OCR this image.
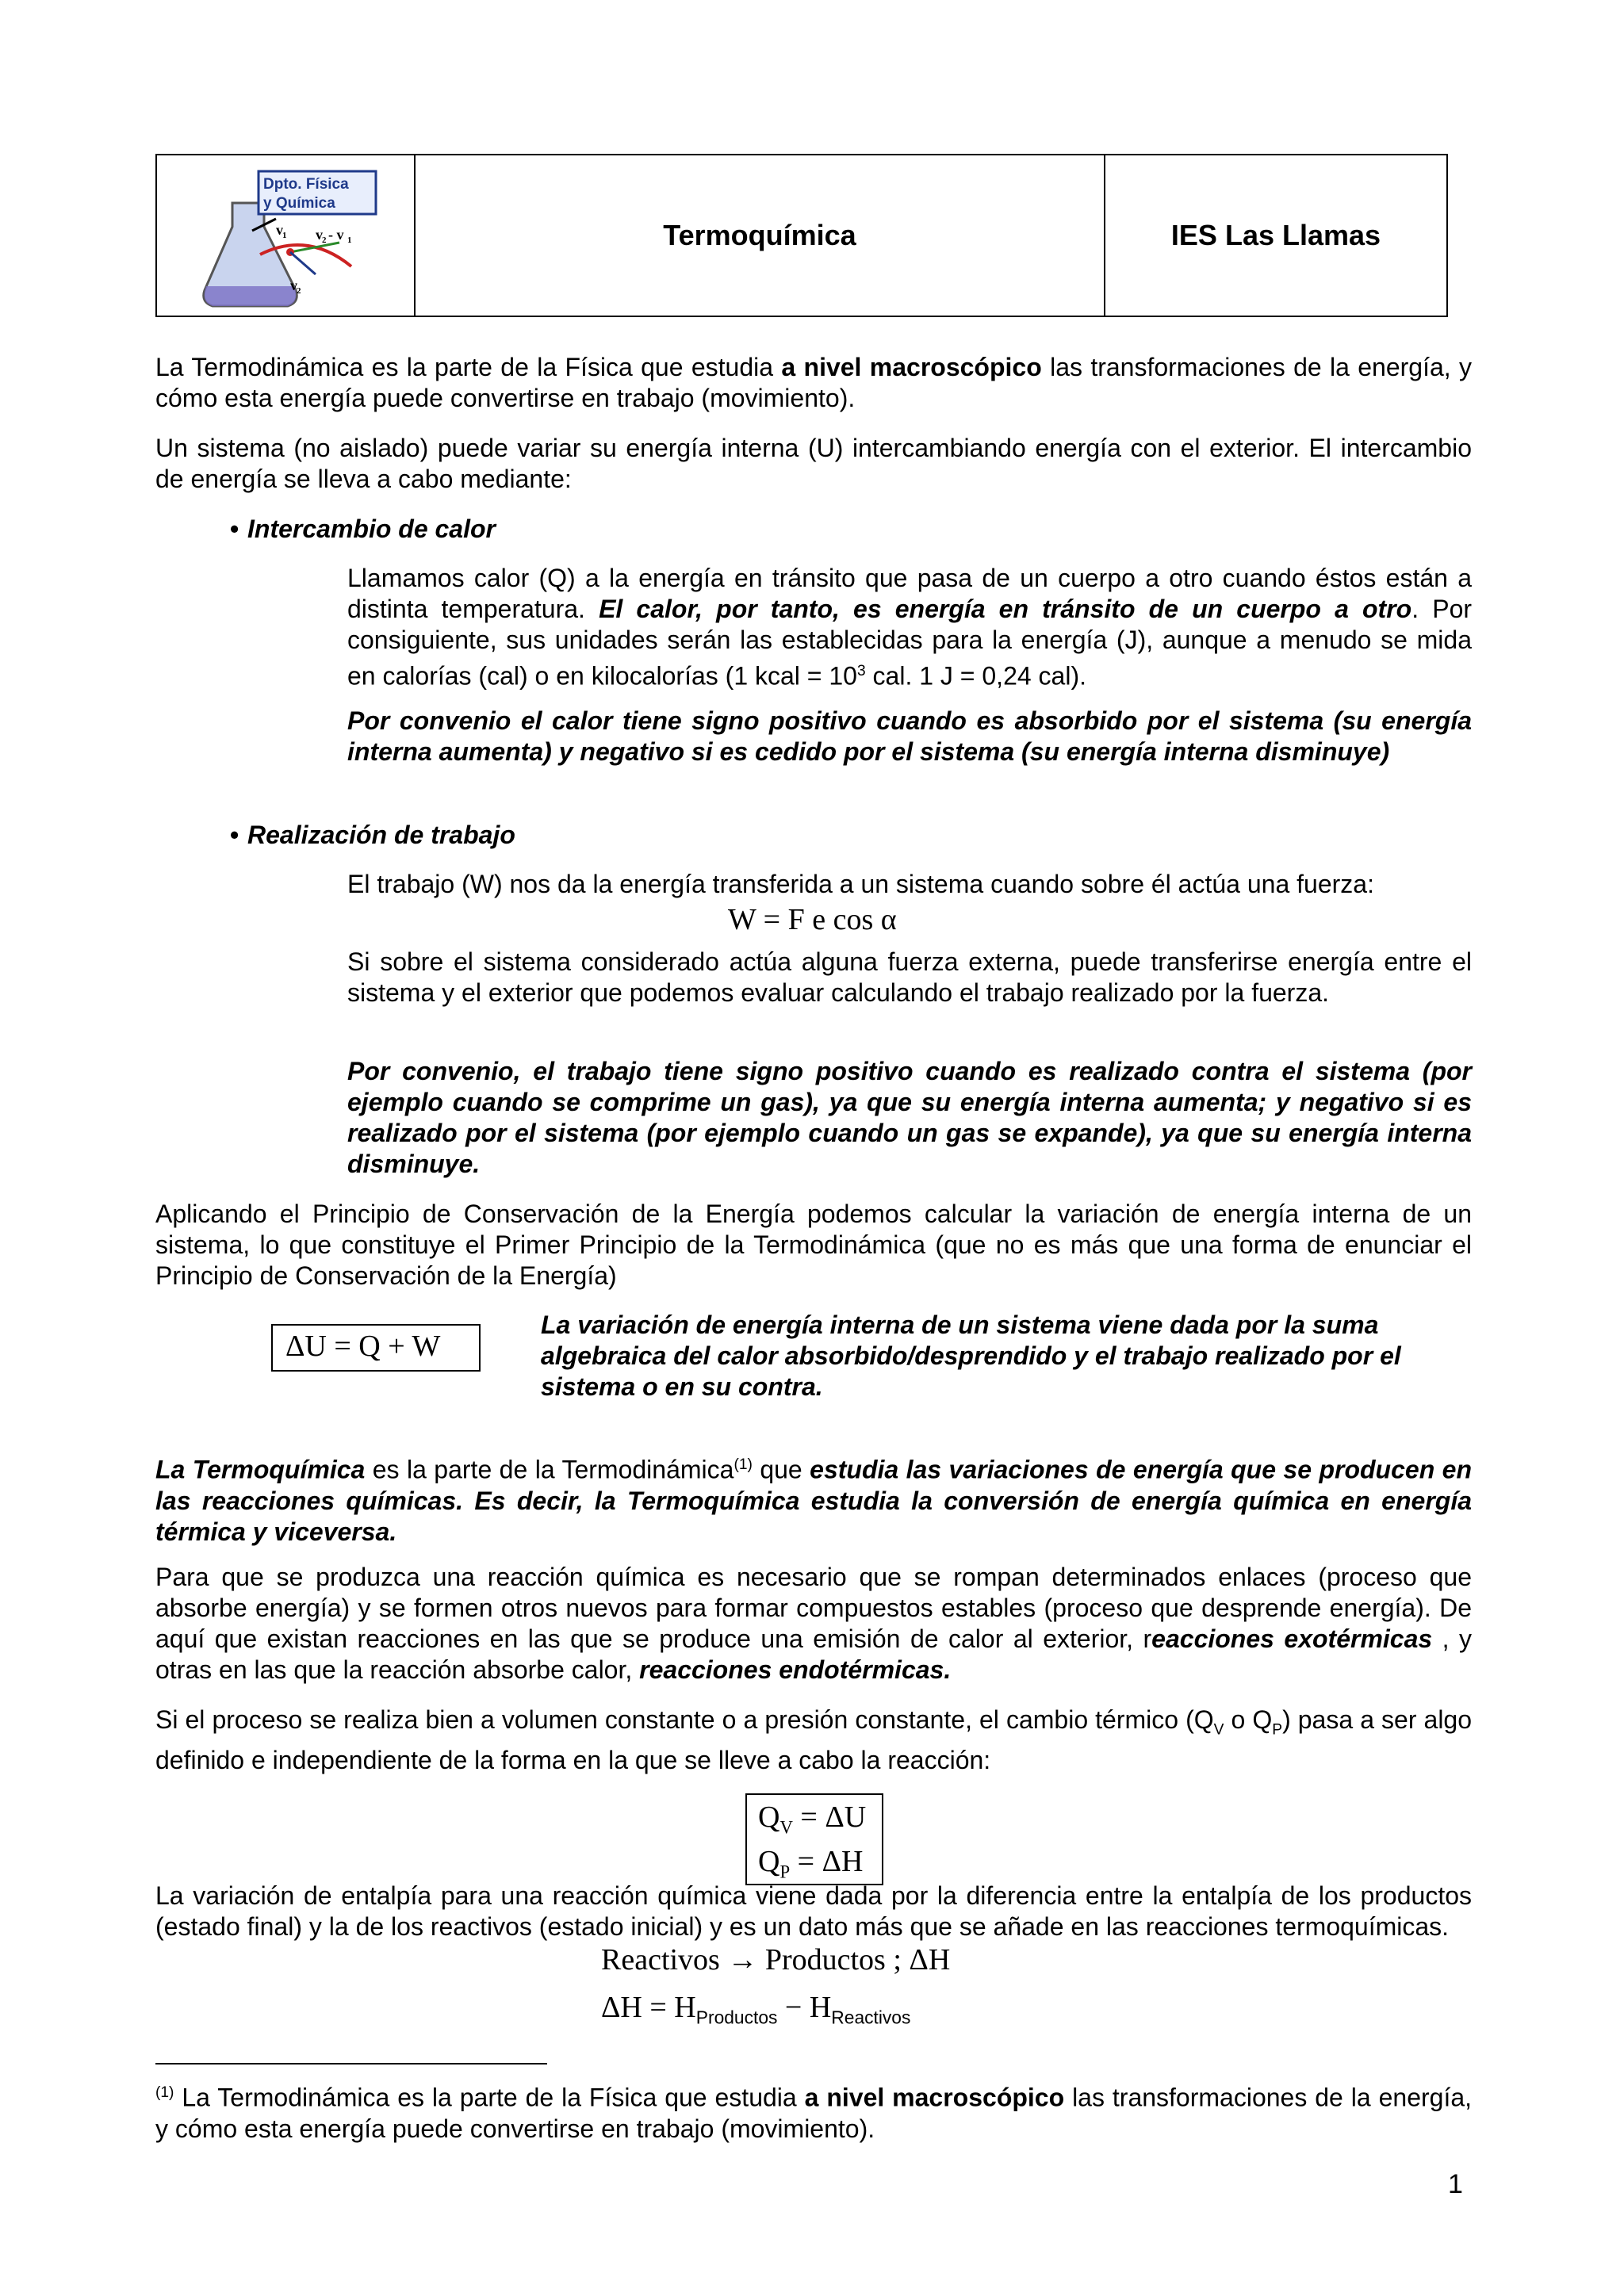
Dpto. Física
y Química
v 1 v 2 - v 1
v 2
Termoquímica	IES Las Llamas
La Termodinámica es la parte de la Física que estudia a nivel macroscópico las transformaciones de la energía, y cómo esta energía puede convertirse en trabajo (movimiento).
Un sistema (no aislado) puede variar su energía interna (U) intercambiando energía con el exterior. El intercambio de energía se lleva a cabo mediante:
• Intercambio de calor
Llamamos calor (Q) a la energía en tránsito que pasa de un cuerpo a otro cuando éstos están a distinta temperatura. El calor, por tanto, es energía en tránsito de un cuerpo a otro. Por consiguiente, sus unidades serán las establecidas para la energía (J), aunque a menudo se mida en calorías (cal) o en kilocalorías (1 kcal = $10^3$ cal. 1 J = 0,24 cal).
Por convenio el calor tiene signo positivo cuando es absorbido por el sistema (su energía interna aumenta) y negativo si es cedido por el sistema (su energía interna disminuye)
• Realización de trabajo
El trabajo (W) nos da la energía transferida a un sistema cuando sobre él actúa una fuerza:
W = F e cos α
Si sobre el sistema considerado actúa alguna fuerza externa, puede transferirse energía entre el sistema y el exterior que podemos evaluar calculando el trabajo realizado por la fuerza.
Por convenio, el trabajo tiene signo positivo cuando es realizado contra el sistema (por ejemplo cuando se comprime un gas), ya que su energía interna aumenta; y negativo si es realizado por el sistema (por ejemplo cuando un gas se expande), ya que su energía interna disminuye.
Aplicando el Principio de Conservación de la Energía podemos calcular la variación de energía interna de un sistema, lo que constituye el Primer Principio de la Termodinámica (que no es más que una forma de enunciar el Principio de Conservación de la Energía)
ΔU = Q + W
La variación de energía interna de un sistema viene dada por la suma algebraica del calor absorbido/desprendido y el trabajo realizado por el sistema o en su contra.
La Termoquímica es la parte de la Termodinámica$^{(1)}$ que estudia las variaciones de energía que se producen en las reacciones químicas. Es decir, la Termoquímica estudia la conversión de energía química en energía térmica y viceversa.
Para que se produzca una reacción química es necesario que se rompan determinados enlaces (proceso que absorbe energía) y se formen otros nuevos para formar compuestos estables (proceso que desprende energía). De aquí que existan reacciones en las que se produce una emisión de calor al exterior, reacciones exotérmicas , y otras en las que la reacción absorbe calor, reacciones endotérmicas.
Si el proceso se realiza bien a volumen constante o a presión constante, el cambio térmico ($Q_V$ o $Q_P$) pasa a ser algo definido e independiente de la forma en la que se lleve a cabo la reacción:
$Q_V = \Delta U$
$Q_P = \Delta H$
La variación de entalpía para una reacción química viene dada por la diferencia entre la entalpía de los productos (estado final) y la de los reactivos (estado inicial) y es un dato más que se añade en las reacciones termoquímicas.
Reactivos → Productos ; ΔH
$\Delta H = H_{Productos} - H_{Reactivos}$
$^{(1)}$ La Termodinámica es la parte de la Física que estudia a nivel macroscópico las transformaciones de la energía, y cómo esta energía puede convertirse en trabajo (movimiento).
1
